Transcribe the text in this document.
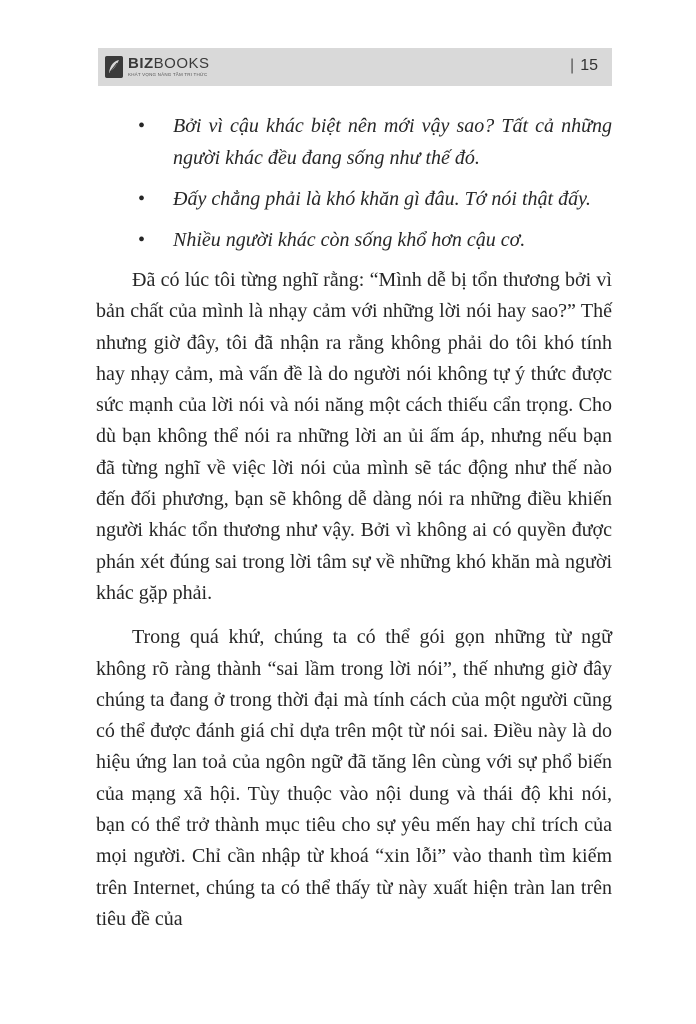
BIZBOOKS
KHÁT VỌNG NÂNG TẦM TRI THỨC
| 15
• Bởi vì cậu khác biệt nên mới vậy sao? Tất cả những người khác đều đang sống như thế đó.
• Đấy chẳng phải là khó khăn gì đâu. Tớ nói thật đấy.
• Nhiều người khác còn sống khổ hơn cậu cơ.

Đã có lúc tôi từng nghĩ rằng: “Mình dễ bị tổn thương bởi vì bản chất của mình là nhạy cảm với những lời nói hay sao?” Thế nhưng giờ đây, tôi đã nhận ra rằng không phải do tôi khó tính hay nhạy cảm, mà vấn đề là do người nói không tự ý thức được sức mạnh của lời nói và nói năng một cách thiếu cẩn trọng. Cho dù bạn không thể nói ra những lời an ủi ấm áp, nhưng nếu bạn đã từng nghĩ về việc lời nói của mình sẽ tác động như thế nào đến đối phương, bạn sẽ không dễ dàng nói ra những điều khiến người khác tổn thương như vậy. Bởi vì không ai có quyền được phán xét đúng sai trong lời tâm sự về những khó khăn mà người khác gặp phải.

Trong quá khứ, chúng ta có thể gói gọn những từ ngữ không rõ ràng thành “sai lầm trong lời nói”, thế nhưng giờ đây chúng ta đang ở trong thời đại mà tính cách của một người cũng có thể được đánh giá chỉ dựa trên một từ nói sai. Điều này là do hiệu ứng lan toả của ngôn ngữ đã tăng lên cùng với sự phổ biến của mạng xã hội. Tùy thuộc vào nội dung và thái độ khi nói, bạn có thể trở thành mục tiêu cho sự yêu mến hay chỉ trích của mọi người. Chỉ cần nhập từ khoá “xin lỗi” vào thanh tìm kiếm trên Internet, chúng ta có thể thấy từ này xuất hiện tràn lan trên tiêu đề của
